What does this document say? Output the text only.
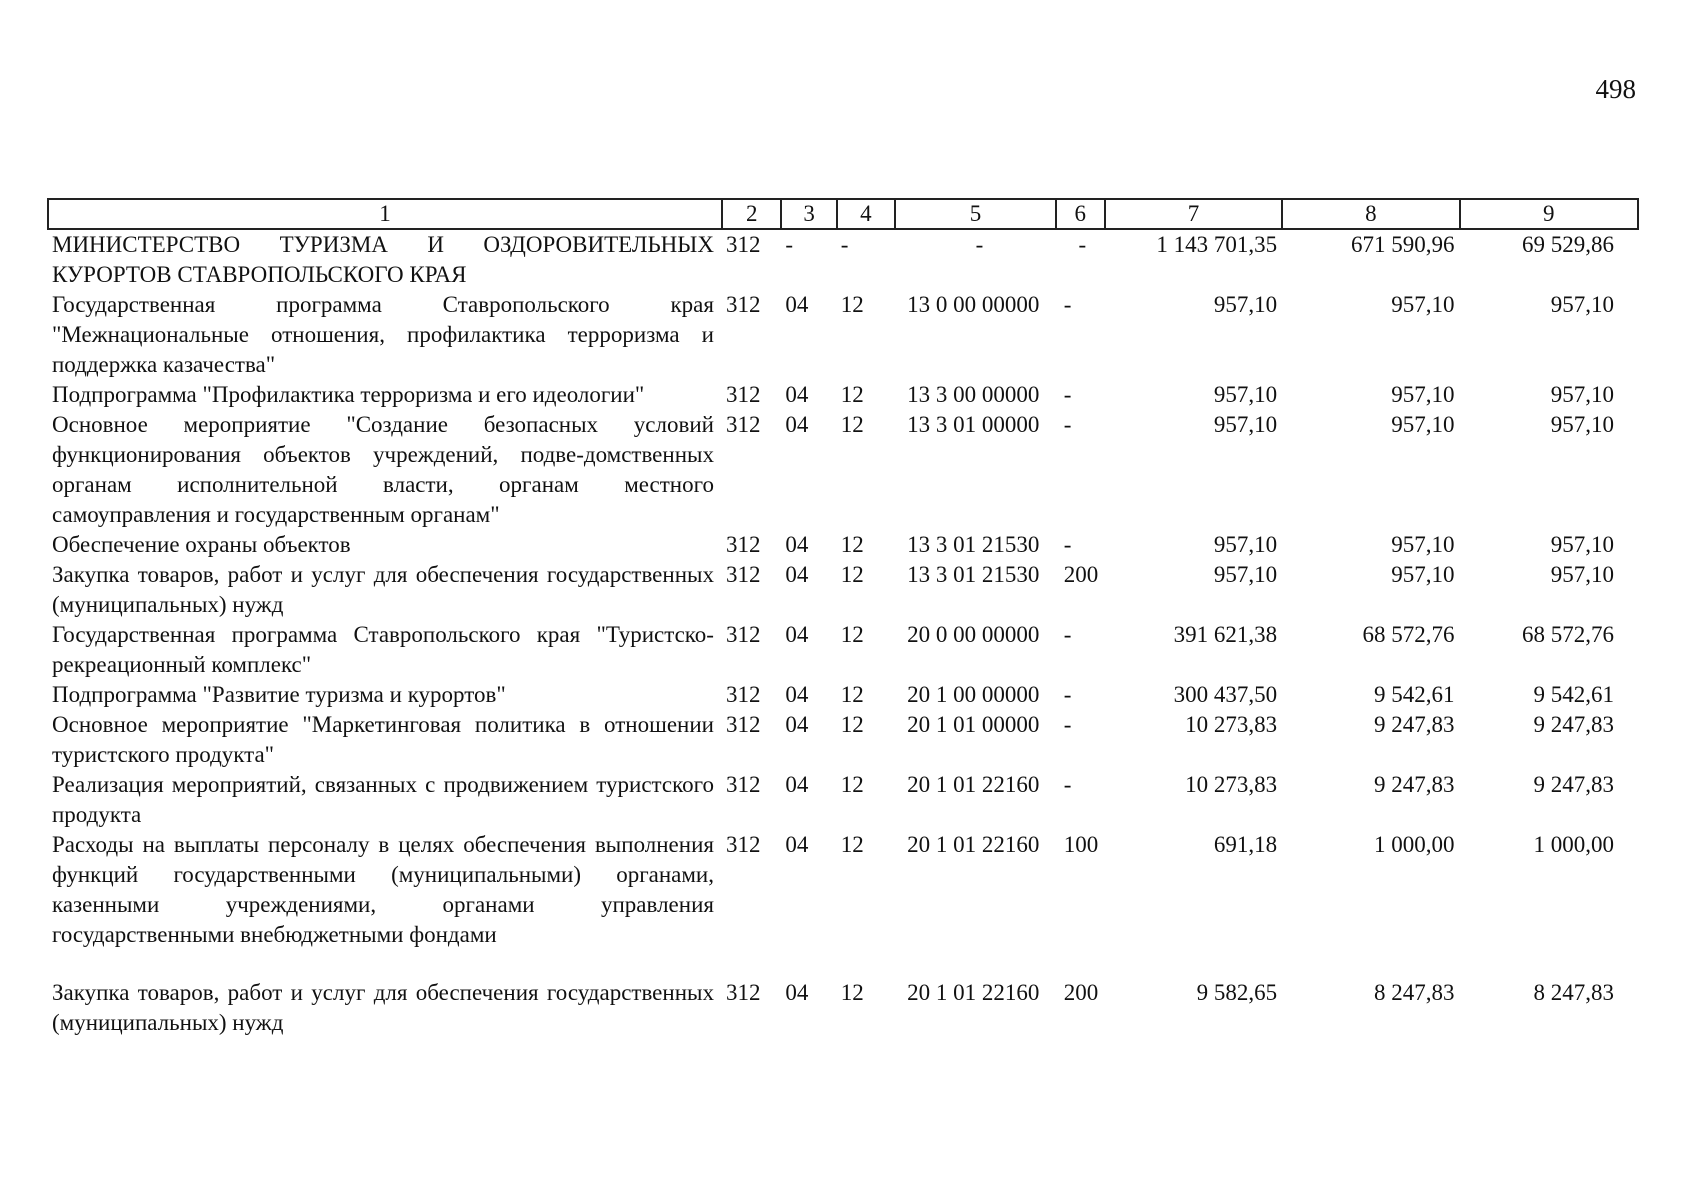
498
1	2	3	4	5	6	7	8	9
МИНИСТЕРСТВО ТУРИЗМА И ОЗДОРОВИТЕЛЬНЫХ КУРОРТОВ СТАВРОПОЛЬСКОГО КРАЯ	312	-	-	-	-	1 143 701,35	671 590,96	69 529,86
Государственная программа Ставропольского края "Межнациональные отношения, профилактика терроризма и поддержка казачества"	312	04	12	13 0 00 00000	-	957,10	957,10	957,10
Подпрограмма "Профилактика терроризма и его идеологии"	312	04	12	13 3 00 00000	-	957,10	957,10	957,10
Основное мероприятие "Создание безопасных условий функционирования объектов учреждений, подве-домственных органам исполнительной власти, органам местного самоуправления и государственным органам"	312	04	12	13 3 01 00000	-	957,10	957,10	957,10
Обеспечение охраны объектов	312	04	12	13 3 01 21530	-	957,10	957,10	957,10
Закупка товаров, работ и услуг для обеспечения государственных (муниципальных) нужд	312	04	12	13 3 01 21530	200	957,10	957,10	957,10
Государственная программа Ставропольского края "Туристско-рекреационный комплекс"	312	04	12	20 0 00 00000	-	391 621,38	68 572,76	68 572,76
Подпрограмма "Развитие туризма и курортов"	312	04	12	20 1 00 00000	-	300 437,50	9 542,61	9 542,61
Основное мероприятие "Маркетинговая политика в отношении туристского продукта"	312	04	12	20 1 01 00000	-	10 273,83	9 247,83	9 247,83
Реализация мероприятий, связанных с продвижением туристского продукта	312	04	12	20 1 01 22160	-	10 273,83	9 247,83	9 247,83
Расходы на выплаты персоналу в целях обеспечения выполнения функций государственными (муниципальными) органами, казенными учреждениями, органами управления государственными внебюджетными фондами	312	04	12	20 1 01 22160	100	691,18	1 000,00	1 000,00
Закупка товаров, работ и услуг для обеспечения государственных (муниципальных) нужд	312	04	12	20 1 01 22160	200	9 582,65	8 247,83	8 247,83
